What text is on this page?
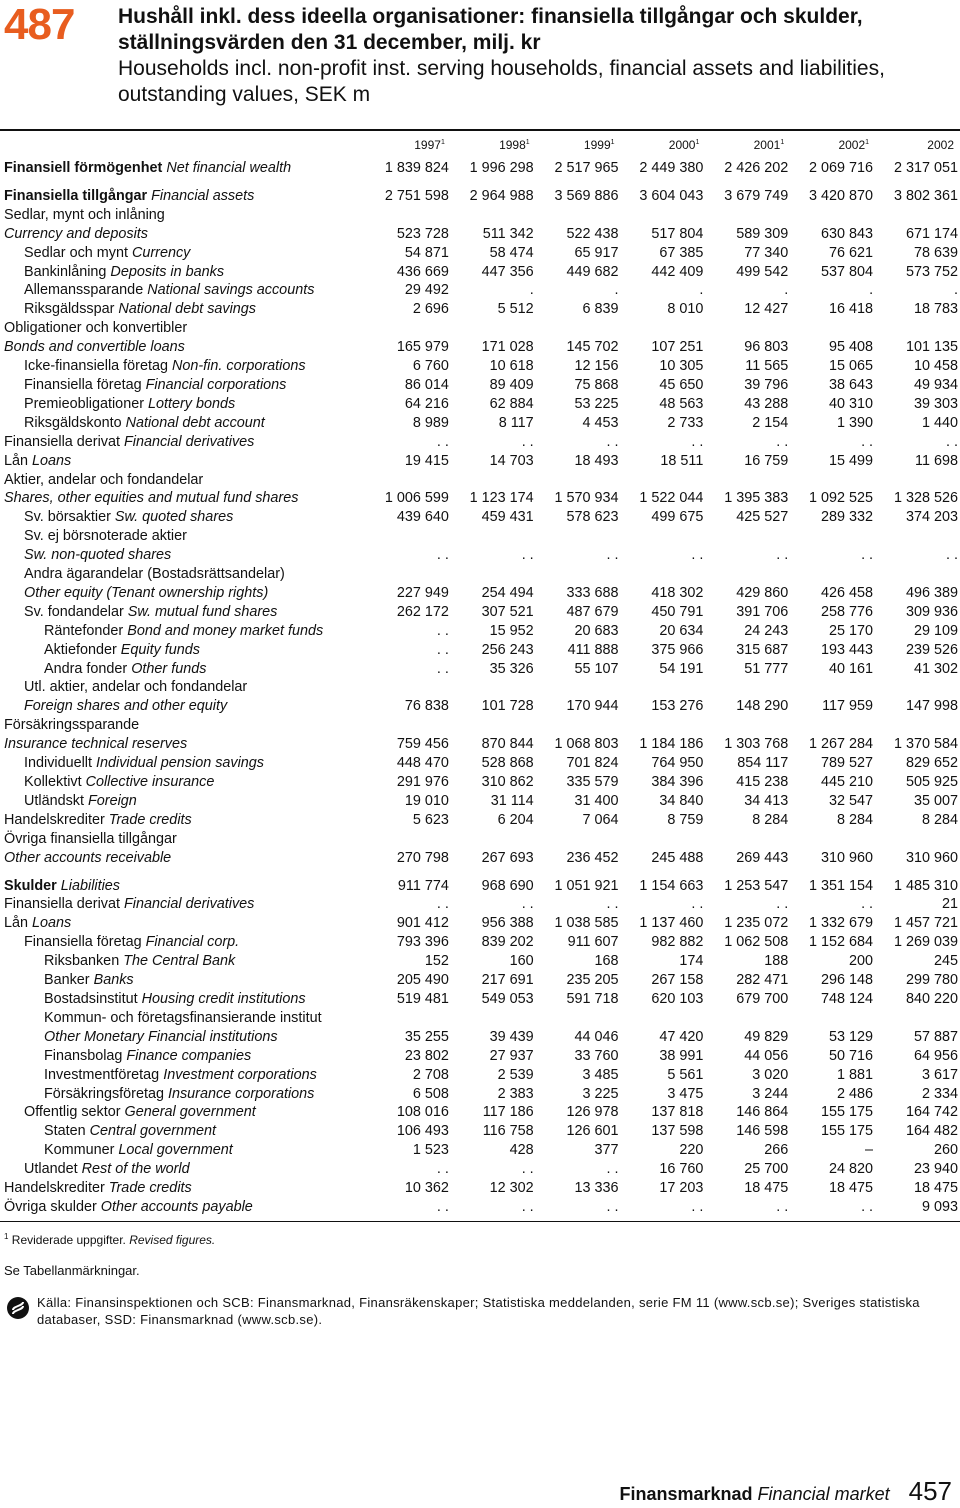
487 Hushåll inkl. dess ideella organisationer: finansiella tillgångar och skulder, ställningsvärden den 31 december, milj. kr
Households incl. non-profit inst. serving households, financial assets and liabilities, outstanding values, SEK m
	1997$^1$	1998$^1$	1999$^1$	2000$^1$	2001$^1$	2002$^1$	2002
Finansiell förmögenhet Net financial wealth	1 839 824	1 996 298	2 517 965	2 449 380	2 426 202	2 069 716	2 317 051

Finansiella tillgångar Financial assets	2 751 598	2 964 988	3 569 886	3 604 043	3 679 749	3 420 870	3 802 361
Sedlar, mynt och inlåning							
Currency and deposits	523 728	511 342	522 438	517 804	589 309	630 843	671 174
Sedlar och mynt Currency	54 871	58 474	65 917	67 385	77 340	76 621	78 639
Bankinlåning Deposits in banks	436 669	447 356	449 682	442 409	499 542	537 804	573 752
Allemanssparande National savings accounts	29 492	.	.	.	.	.	.
Riksgäldsspar National debt savings	2 696	5 512	6 839	8 010	12 427	16 418	18 783
Obligationer och konvertibler							
Bonds and convertible loans	165 979	171 028	145 702	107 251	96 803	95 408	101 135
Icke-finansiella företag Non-fin. corporations	6 760	10 618	12 156	10 305	11 565	15 065	10 458
Finansiella företag Financial corporations	86 014	89 409	75 868	45 650	39 796	38 643	49 934
Premieobligationer Lottery bonds	64 216	62 884	53 225	48 563	43 288	40 310	39 303
Riksgäldskonto National debt account	8 989	8 117	4 453	2 733	2 154	1 390	1 440
Finansiella derivat Financial derivatives	. .	. .	. .	. .	. .	. .	. .
Lån Loans	19 415	14 703	18 493	18 511	16 759	15 499	11 698
Aktier, andelar och fondandelar							
Shares, other equities and mutual fund shares	1 006 599	1 123 174	1 570 934	1 522 044	1 395 383	1 092 525	1 328 526
Sv. börsaktier Sw. quoted shares	439 640	459 431	578 623	499 675	425 527	289 332	374 203
Sv. ej börsnoterade aktier							
Sw. non-quoted shares	. .	. .	. .	. .	. .	. .	. .
Andra ägarandelar (Bostadsrättsandelar)							
Other equity (Tenant ownership rights)	227 949	254 494	333 688	418 302	429 860	426 458	496 389
Sv. fondandelar Sw. mutual fund shares	262 172	307 521	487 679	450 791	391 706	258 776	309 936
Räntefonder Bond and money market funds	. .	15 952	20 683	20 634	24 243	25 170	29 109
Aktiefonder Equity funds	. .	256 243	411 888	375 966	315 687	193 443	239 526
Andra fonder Other funds	. .	35 326	55 107	54 191	51 777	40 161	41 302
Utl. aktier, andelar och fondandelar							
Foreign shares and other equity	76 838	101 728	170 944	153 276	148 290	117 959	147 998
Försäkringssparande							
Insurance technical reserves	759 456	870 844	1 068 803	1 184 186	1 303 768	1 267 284	1 370 584
Individuellt Individual pension savings	448 470	528 868	701 824	764 950	854 117	789 527	829 652
Kollektivt Collective insurance	291 976	310 862	335 579	384 396	415 238	445 210	505 925
Utländskt Foreign	19 010	31 114	31 400	34 840	34 413	32 547	35 007
Handelskrediter Trade credits	5 623	6 204	7 064	8 759	8 284	8 284	8 284
Övriga finansiella tillgångar							
Other accounts receivable	270 798	267 693	236 452	245 488	269 443	310 960	310 960

Skulder Liabilities	911 774	968 690	1 051 921	1 154 663	1 253 547	1 351 154	1 485 310
Finansiella derivat Financial derivatives	. .	. .	. .	. .	. .	. .	21
Lån Loans	901 412	956 388	1 038 585	1 137 460	1 235 072	1 332 679	1 457 721
Finansiella företag Financial corp.	793 396	839 202	911 607	982 882	1 062 508	1 152 684	1 269 039
Riksbanken The Central Bank	152	160	168	174	188	200	245
Banker Banks	205 490	217 691	235 205	267 158	282 471	296 148	299 780
Bostadsinstitut Housing credit institutions	519 481	549 053	591 718	620 103	679 700	748 124	840 220
Kommun- och företagsfinansierande institut							
Other Monetary Financial institutions	35 255	39 439	44 046	47 420	49 829	53 129	57 887
Finansbolag Finance companies	23 802	27 937	33 760	38 991	44 056	50 716	64 956
Investmentföretag Investment corporations	2 708	2 539	3 485	5 561	3 020	1 881	3 617
Försäkringsföretag Insurance corporations	6 508	2 383	3 225	3 475	3 244	2 486	2 334
Offentlig sektor General government	108 016	117 186	126 978	137 818	146 864	155 175	164 742
Staten Central government	106 493	116 758	126 601	137 598	146 598	155 175	164 482
Kommuner Local government	1 523	428	377	220	266	–	260
Utlandet Rest of the world	. .	. .	. .	16 760	25 700	24 820	23 940
Handelskrediter Trade credits	10 362	12 302	13 336	17 203	18 475	18 475	18 475
Övriga skulder Other accounts payable	. .	. .	. .	. .	. .	. .	9 093
$^1$ Reviderade uppgifter. Revised figures.
Se Tabellanmärkningar.
Källa: Finansinspektionen och SCB: Finansmarknad, Finansräkenskaper; Statistiska meddelanden, serie FM 11 (www.scb.se); Sveriges statistiska databaser, SSD: Finansmarknad (www.scb.se).
Finansmarknad Financial market 457
